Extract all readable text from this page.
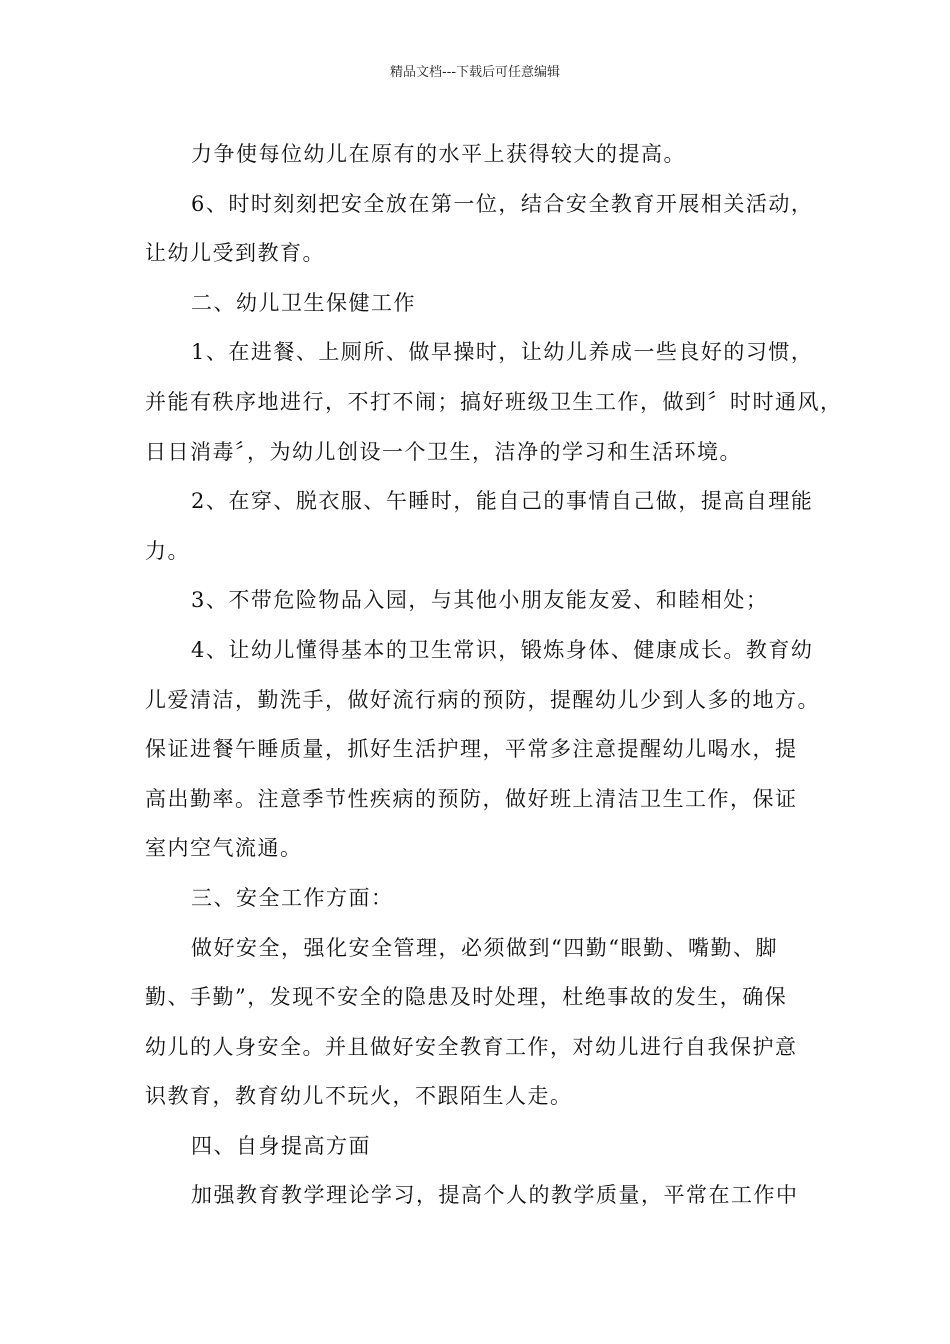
精品文档---下载后可任意编辑
力争使每位幼儿在原有的水平上获得较大的提高。
6、时时刻刻把安全放在第一位，结合安全教育开展相关活动，
让幼儿受到教育。
二、幼儿卫生保健工作
1、在进餐、上厕所、做早操时，让幼儿养成一些良好的习惯，
并能有秩序地进行，不打不闹；搞好班级卫生工作，做到〞时时通风，
日日消毒〞，为幼儿创设一个卫生，洁净的学习和生活环境。
2、在穿、脱衣服、午睡时，能自己的事情自己做，提高自理能
力。
3、不带危险物品入园，与其他小朋友能友爱、和睦相处；
4、让幼儿懂得基本的卫生常识，锻炼身体、健康成长。教育幼
儿爱清洁，勤洗手，做好流行病的预防，提醒幼儿少到人多的地方。
保证进餐午睡质量，抓好生活护理，平常多注意提醒幼儿喝水，提
高出勤率。注意季节性疾病的预防，做好班上清洁卫生工作，保证
室内空气流通。
三、安全工作方面：
做好安全，强化安全管理，必须做到“四勤“眼勤、嘴勤、脚
勤、手勤”，发现不安全的隐患及时处理，杜绝事故的发生，确保
幼儿的人身安全。并且做好安全教育工作，对幼儿进行自我保护意
识教育，教育幼儿不玩火，不跟陌生人走。
四、自身提高方面
加强教育教学理论学习，提高个人的教学质量，平常在工作中
